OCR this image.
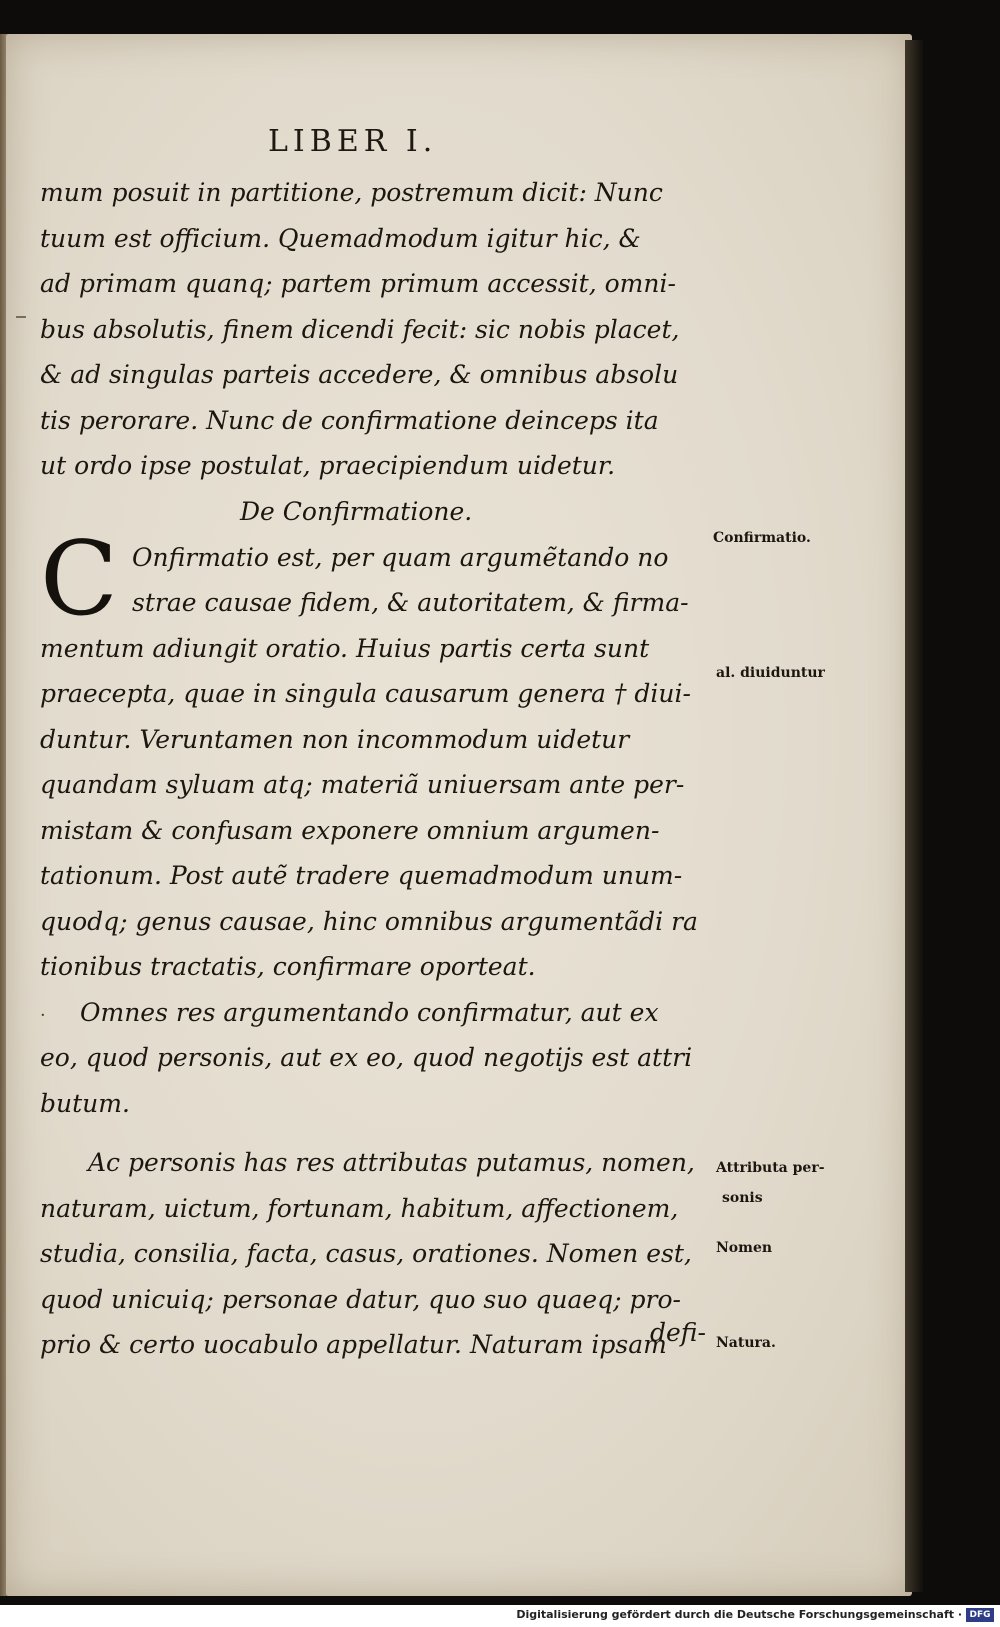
LIBER I.
mum posuit in partitione, postremum dicit: Nunc
tuum est officium. Quemadmodum igitur hic, &
ad primam quanq; partem primum accessit, omni-
bus absolutis, finem dicendi fecit: sic nobis placet,
& ad singulas parteis accedere, & omnibus absolu
tis perorare. Nunc de confirmatione deinceps ita
ut ordo ipse postulat, praecipiendum uidetur.
De Confirmatione.
C Onfirmatio est, per quam argumẽtando no
strae causae fidem, & autoritatem, & firma-
mentum adiungit oratio. Huius partis certa sunt
praecepta, quae in singula causarum genera † diui-
duntur. Veruntamen non incommodum uidetur
quandam syluam atq; materiã uniuersam ante per-
mistam & confusam exponere omnium argumen-
tationum. Post autẽ tradere quemadmodum unum-
quodq; genus causae, hinc omnibus argumentãdi ra
tionibus tractatis, confirmare oporteat.
· Omnes res argumentando confirmatur, aut ex
eo, quod personis, aut ex eo, quod negotijs est attri
butum.
Ac personis has res attributas putamus, nomen,
naturam, uictum, fortunam, habitum, affectionem,
studia, consilia, facta, casus, orationes. Nomen est,
quod unicuiq; personae datur, quo suo quaeq; pro-
prio & certo uocabulo appellatur. Naturam ipsam
defi-
Confirmatio.
al. diuiduntur
Attributa per-
sonis
Nomen
Natura.
Digitalisierung gefördert durch die Deutsche Forschungsgemeinschaft · DFG
